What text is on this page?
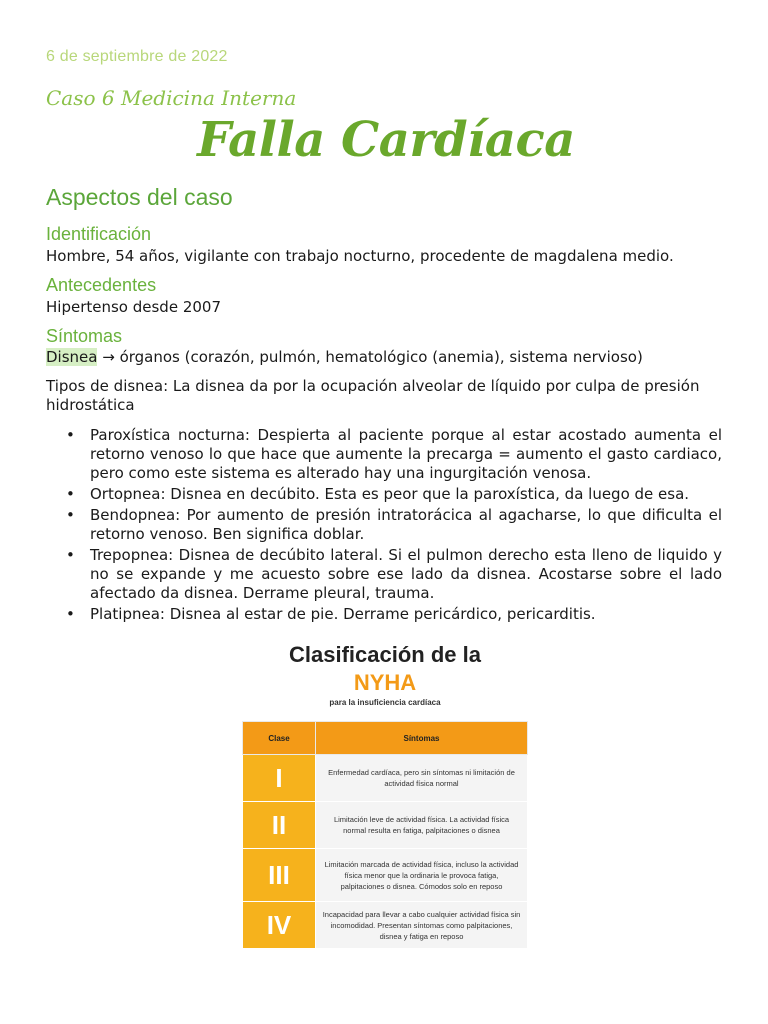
6 de septiembre de 2022
Caso 6 Medicina Interna
Falla Cardíaca
Aspectos del caso
Identificación
Hombre, 54 años, vigilante con trabajo nocturno, procedente de magdalena medio.
Antecedentes
Hipertenso desde 2007
Síntomas
Disnea → órganos (corazón, pulmón, hematológico (anemia), sistema nervioso)
Tipos de disnea: La disnea da por la ocupación alveolar de líquido por culpa de presión hidrostática
• Paroxística nocturna: Despierta al paciente porque al estar acostado aumenta el retorno venoso lo que hace que aumente la precarga = aumento el gasto cardiaco, pero como este sistema es alterado hay una ingurgitación venosa.
• Ortopnea: Disnea en decúbito. Esta es peor que la paroxística, da luego de esa.
• Bendopnea: Por aumento de presión intratorácica al agacharse, lo que dificulta el retorno venoso. Ben significa doblar.
• Trepopnea: Disnea de decúbito lateral. Si el pulmon derecho esta lleno de liquido y no se expande y me acuesto sobre ese lado da disnea. Acostarse sobre el lado afectado da disnea. Derrame pleural, trauma.
• Platipnea: Disnea al estar de pie. Derrame pericárdico, pericarditis.
Clasificación de la
NYHA
para la insuficiencia cardíaca
Clase	Síntomas
I	Enfermedad cardíaca, pero sin síntomas ni limitación de actividad física normal
II	Limitación leve de actividad física. La actividad física normal resulta en fatiga, palpitaciones o disnea
III	Limitación marcada de actividad física, incluso la actividad física menor que la ordinaria le provoca fatiga, palpitaciones o disnea. Cómodos solo en reposo
IV	Incapacidad para llevar a cabo cualquier actividad física sin incomodidad. Presentan síntomas como palpitaciones, disnea y fatiga en reposo
